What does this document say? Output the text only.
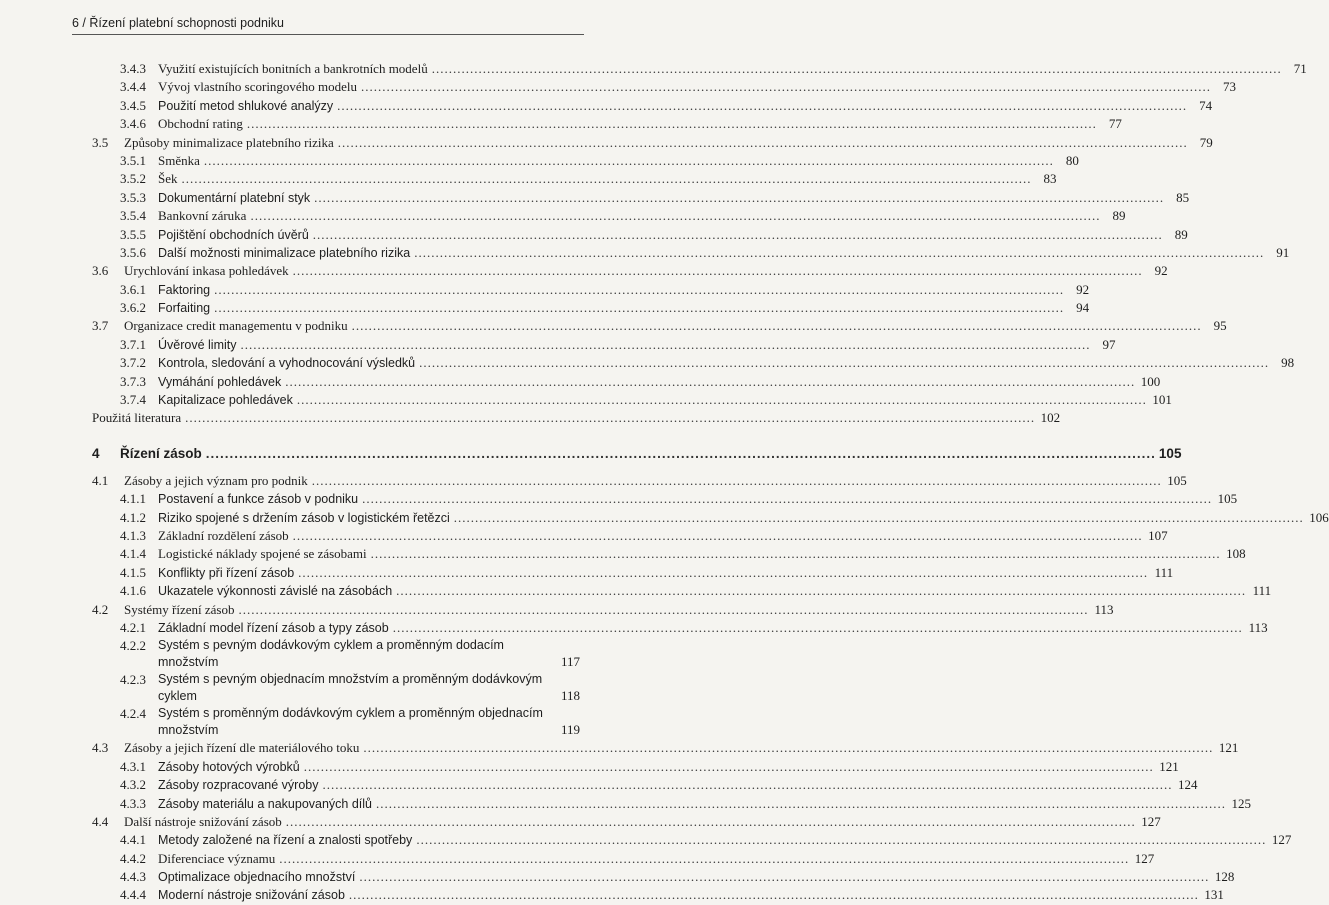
6 / Řízení platební schopnosti podniku
3.4.3 Využití existujících bonitních a bankrotních modelů ........................................................................................................................................................................................................ 71
3.4.4 Vývoj vlastního scoringového modelu ........................................................................................................................................................................................................ 73
3.4.5 Použití metod shlukové analýzy ........................................................................................................................................................................................................ 74
3.4.6 Obchodní rating ........................................................................................................................................................................................................ 77
3.5 Způsoby minimalizace platebního rizika ........................................................................................................................................................................................................ 79
3.5.1 Směnka ........................................................................................................................................................................................................ 80
3.5.2 Šek ........................................................................................................................................................................................................ 83
3.5.3 Dokumentární platební styk ........................................................................................................................................................................................................ 85
3.5.4 Bankovní záruka ........................................................................................................................................................................................................ 89
3.5.5 Pojištění obchodních úvěrů ........................................................................................................................................................................................................ 89
3.5.6 Další možnosti minimalizace platebního rizika ........................................................................................................................................................................................................ 91
3.6 Urychlování inkasa pohledávek ........................................................................................................................................................................................................ 92
3.6.1 Faktoring ........................................................................................................................................................................................................ 92
3.6.2 Forfaiting ........................................................................................................................................................................................................ 94
3.7 Organizace credit managementu v podniku ........................................................................................................................................................................................................ 95
3.7.1 Úvěrové limity ........................................................................................................................................................................................................ 97
3.7.2 Kontrola, sledování a vyhodnocování výsledků ........................................................................................................................................................................................................ 98
3.7.3 Vymáhání pohledávek ........................................................................................................................................................................................................ 100
3.7.4 Kapitalizace pohledávek ........................................................................................................................................................................................................ 101
Použitá literatura ........................................................................................................................................................................................................ 102
4 Řízení zásob ........................................................................................................................................................................................................ 105
4.1 Zásoby a jejich význam pro podnik ........................................................................................................................................................................................................ 105
4.1.1 Postavení a funkce zásob v podniku ........................................................................................................................................................................................................ 105
4.1.2 Riziko spojené s držením zásob v logistickém řetězci ........................................................................................................................................................................................................ 106
4.1.3 Základní rozdělení zásob ........................................................................................................................................................................................................ 107
4.1.4 Logistické náklady spojené se zásobami ........................................................................................................................................................................................................ 108
4.1.5 Konflikty při řízení zásob ........................................................................................................................................................................................................ 111
4.1.6 Ukazatele výkonnosti závislé na zásobách ........................................................................................................................................................................................................ 111
4.2 Systémy řízení zásob ........................................................................................................................................................................................................ 113
4.2.1 Základní model řízení zásob a typy zásob ........................................................................................................................................................................................................ 113
4.2.2 Systém s pevným dodávkovým cyklem a proměnným dodacím množstvím	117
4.2.3 Systém s pevným objednacím množstvím a proměnným dodávkovým cyklem	118
4.2.4 Systém s proměnným dodávkovým cyklem a proměnným objednacím množstvím	119
4.3 Zásoby a jejich řízení dle materiálového toku ........................................................................................................................................................................................................ 121
4.3.1 Zásoby hotových výrobků ........................................................................................................................................................................................................ 121
4.3.2 Zásoby rozpracované výroby ........................................................................................................................................................................................................ 124
4.3.3 Zásoby materiálu a nakupovaných dílů ........................................................................................................................................................................................................ 125
4.4 Další nástroje snižování zásob ........................................................................................................................................................................................................ 127
4.4.1 Metody založené na řízení a znalosti spotřeby ........................................................................................................................................................................................................ 127
4.4.2 Diferenciace významu ........................................................................................................................................................................................................ 127
4.4.3 Optimalizace objednacího množství ........................................................................................................................................................................................................ 128
4.4.4 Moderní nástroje snižování zásob ........................................................................................................................................................................................................ 131
